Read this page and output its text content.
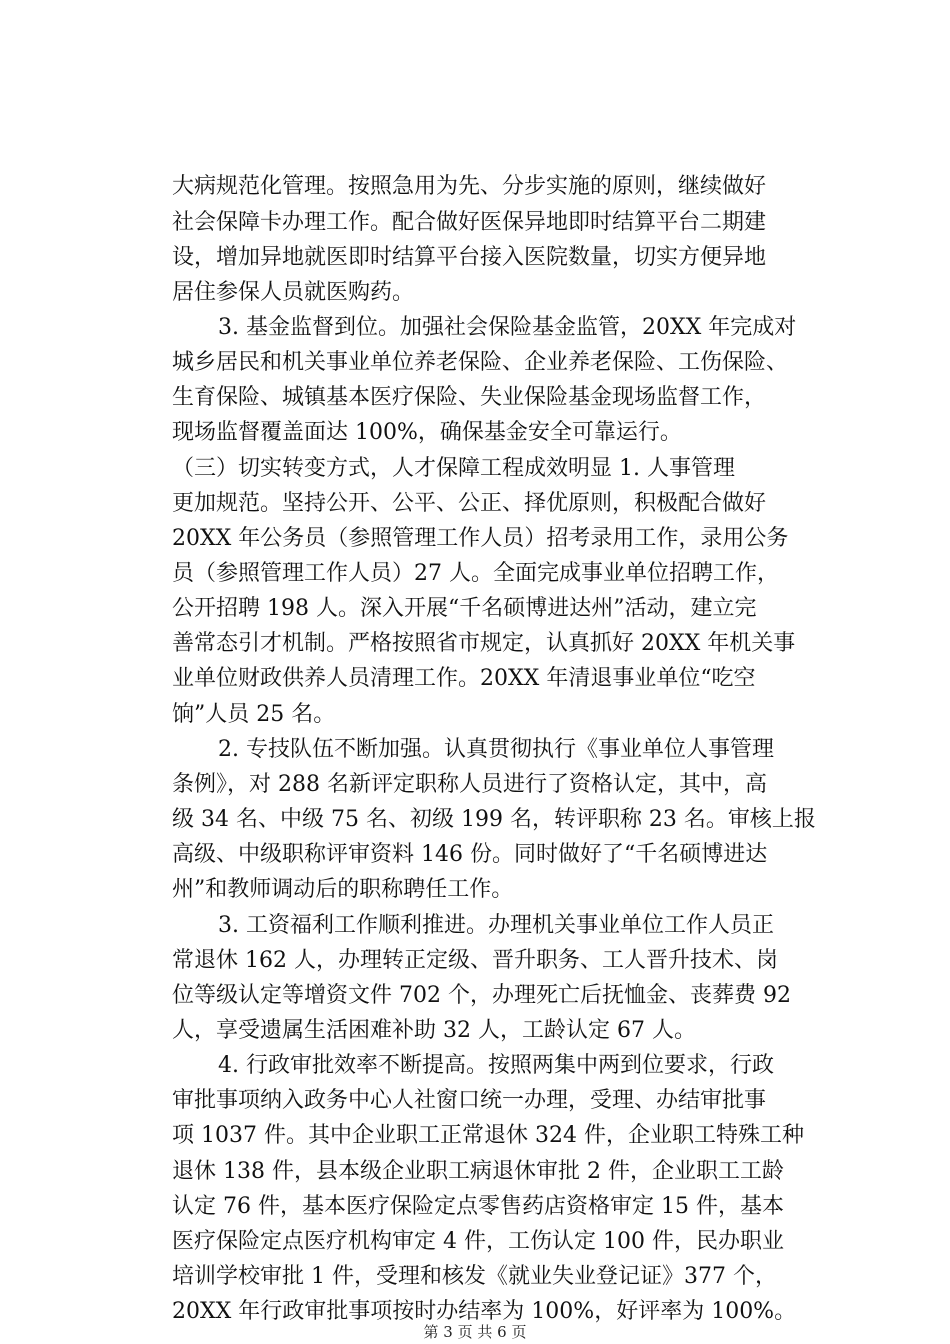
大病规范化管理。按照急用为先、分步实施的原则，继续做好
社会保障卡办理工作。配合做好医保异地即时结算平台二期建
设，增加异地就医即时结算平台接入医院数量，切实方便异地
居住参保人员就医购药。
3. 基金监督到位。加强社会保险基金监管，20XX 年完成对
城乡居民和机关事业单位养老保险、企业养老保险、工伤保险、
生育保险、城镇基本医疗保险、失业保险基金现场监督工作，
现场监督覆盖面达 100%，确保基金安全可靠运行。
（三）切实转变方式，人才保障工程成效明显 1. 人事管理
更加规范。坚持公开、公平、公正、择优原则，积极配合做好
20XX 年公务员（参照管理工作人员）招考录用工作，录用公务
员（参照管理工作人员）27 人。全面完成事业单位招聘工作，
公开招聘 198 人。深入开展“千名硕博进达州”活动，建立完
善常态引才机制。严格按照省市规定，认真抓好 20XX 年机关事
业单位财政供养人员清理工作。20XX 年清退事业单位“吃空
饷”人员 25 名。
2. 专技队伍不断加强。认真贯彻执行《事业单位人事管理
条例》，对 288 名新评定职称人员进行了资格认定，其中，高
级 34 名、中级 75 名、初级 199 名，转评职称 23 名。审核上报
高级、中级职称评审资料 146 份。同时做好了“千名硕博进达
州”和教师调动后的职称聘任工作。
3. 工资福利工作顺利推进。办理机关事业单位工作人员正
常退休 162 人，办理转正定级、晋升职务、工人晋升技术、岗
位等级认定等增资文件 702 个，办理死亡后抚恤金、丧葬费 92
人，享受遗属生活困难补助 32 人，工龄认定 67 人。
4. 行政审批效率不断提高。按照两集中两到位要求，行政
审批事项纳入政务中心人社窗口统一办理，受理、办结审批事
项 1037 件。其中企业职工正常退休 324 件，企业职工特殊工种
退休 138 件，县本级企业职工病退休审批 2 件，企业职工工龄
认定 76 件，基本医疗保险定点零售药店资格审定 15 件，基本
医疗保险定点医疗机构审定 4 件，工伤认定 100 件，民办职业
培训学校审批 1 件，受理和核发《就业失业登记证》377 个，
20XX 年行政审批事项按时办结率为 100%，好评率为 100%。
第 3 页 共 6 页
